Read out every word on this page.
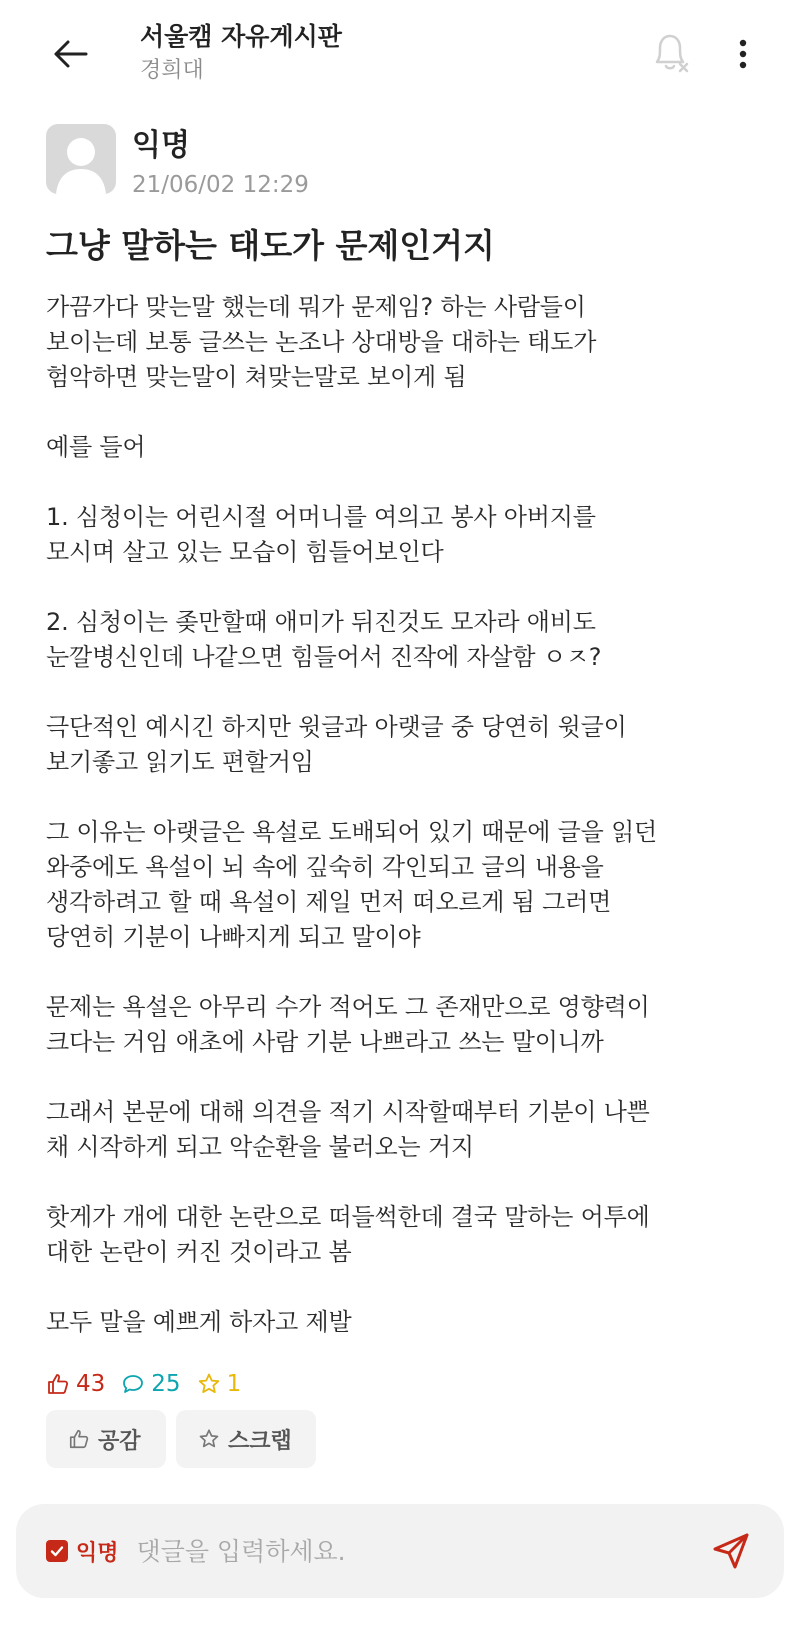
서울캠 자유게시판
경희대
익명
21/06/02 12:29
그냥 말하는 태도가 문제인거지

가끔가다 맞는말 했는데 뭐가 문제임? 하는 사람들이
보이는데 보통 글쓰는 논조나 상대방을 대하는 태도가
험악하면 맞는말이 쳐맞는말로 보이게 됨

예를 들어

1. 심청이는 어린시절 어머니를 여의고 봉사 아버지를
모시며 살고 있는 모습이 힘들어보인다

2. 심청이는 좆만할때 애미가 뒤진것도 모자라 애비도
눈깔병신인데 나같으면 힘들어서 진작에 자살함 ㅇㅈ?

극단적인 예시긴 하지만 윗글과 아랫글 중 당연히 윗글이
보기좋고 읽기도 편할거임

그 이유는 아랫글은 욕설로 도배되어 있기 때문에 글을 읽던
와중에도 욕설이 뇌 속에 깊숙히 각인되고 글의 내용을
생각하려고 할 때 욕설이 제일 먼저 떠오르게 됨 그러면
당연히 기분이 나빠지게 되고 말이야

문제는 욕설은 아무리 수가 적어도 그 존재만으로 영향력이
크다는 거임 애초에 사람 기분 나쁘라고 쓰는 말이니까

그래서 본문에 대해 의견을 적기 시작할때부터 기분이 나쁜
채 시작하게 되고 악순환을 불러오는 거지

핫게가 개에 대한 논란으로 떠들썩한데 결국 말하는 어투에
대한 논란이 커진 것이라고 봄

모두 말을 예쁘게 하자고 제발

43 25 1
공감	스크랩
익명
댓글을 입력하세요.
